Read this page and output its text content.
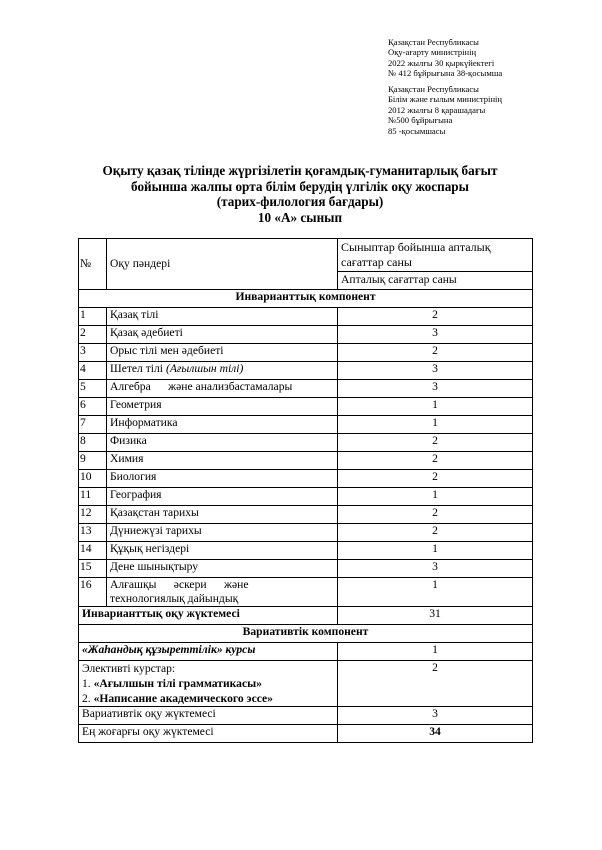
Қазақстан Республикасы
Оқу-ағарту министрінің
2022 жылғы 30 қыркүйектегі
№ 412 бұйрығына 38-қосымша
Қазақстан Республикасы
Білім және ғылым министрінің
2012 жылғы 8 қарашадағы
№500 бұйрығына
85 -қосымшасы
Оқыту қазақ тілінде жүргізілетін қоғамдық-гуманитарлық бағыт
бойынша жалпы орта білім берудің үлгілік оқу жоспары
(тарих-филология бағдары)
10 «А» сынып
№	Оқу пәндері	Сыныптар бойынша апталық сағаттар саны
		Апталық сағаттар саны
Инварианттық компонент		
1	Қазақ тілі	2
2	Қазақ әдебиеті	3
3	Орыс тілі мен әдебиеті	2
4	Шетел тілі (Ағылшын тілі)	3
5	Алгебра      және анализбастамалары	3
6	Геометрия	1
7	Информатика	1
8	Физика	2
9	Химия	2
10	Биология	2
11	География	1
12	Қазақстан тарихы	2
13	Дүниежүзі тарихы	2
14	Құқық негіздері	1
15	Дене шынықтыру	3
16	Алғашқы      әскери      және
технологиялық дайындық	1
Инварианттық оқу жүктемесі		31
Вариативтік компонент		
«Жаһандық құзыреттілік» курсы		1

Элективті курстар:
1. «Ағылшын тілі грамматикасы»
2. «Написание академического эссе»		2
Вариативтік оқу жүктемесі		3
Ең жоғарғы оқу жүктемесі		34
